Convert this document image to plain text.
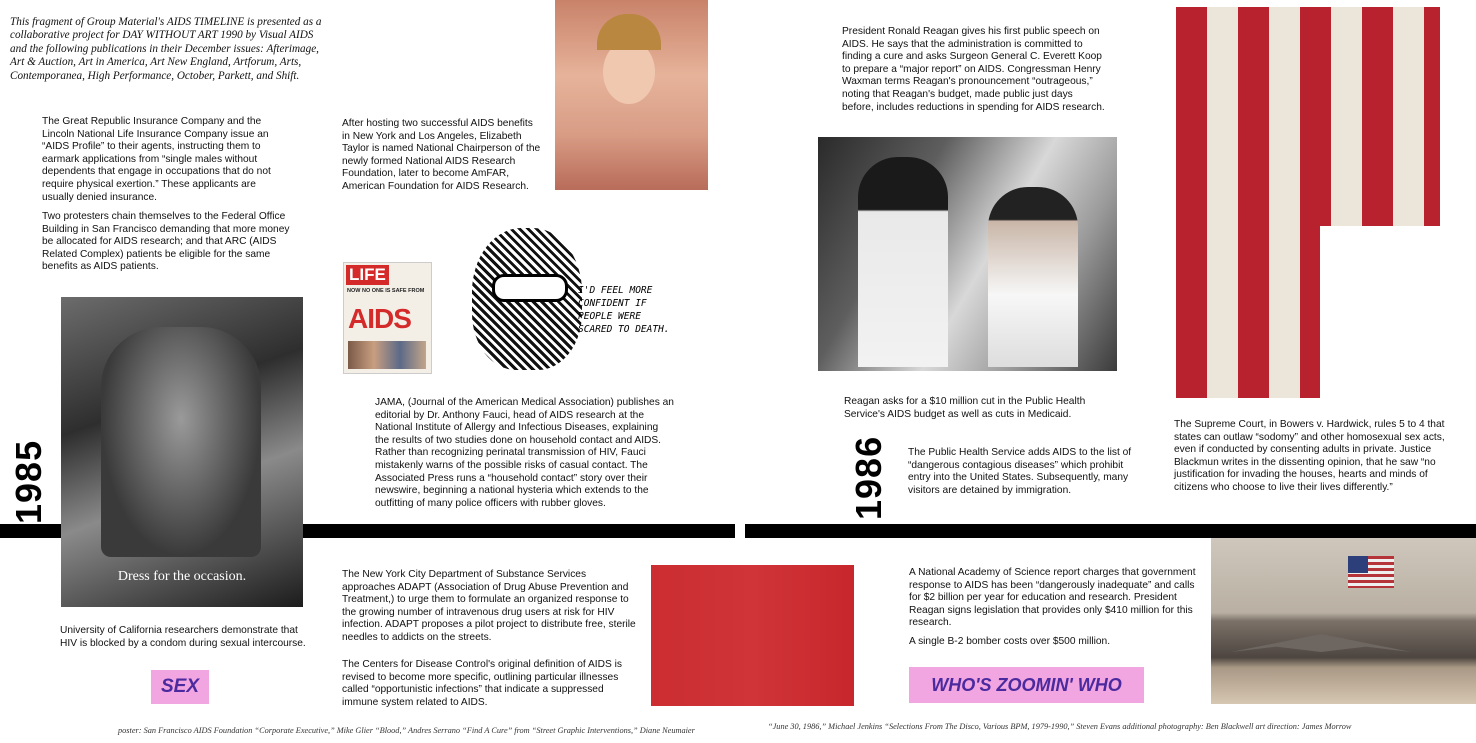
This fragment of Group Material's AIDS TIMELINE is presented as a collaborative project for DAY WITHOUT ART 1990 by Visual AIDS and the following publications in their December issues: Afterimage, Art & Auction, Art in America, Art New England, Artforum, Arts, Contemporanea, High Performance, October, Parkett, and Shift.
The Great Republic Insurance Company and the Lincoln National Life Insurance Company issue an “AIDS Profile” to their agents, instructing them to earmark applications from “single males without dependents that engage in occupations that do not require physical exertion.” These applicants are usually denied insurance.
Two protesters chain themselves to the Federal Office Building in San Francisco demanding that more money be allocated for AIDS research; and that ARC (AIDS Related Complex) patients be eligible for the same benefits as AIDS patients.
Dress for the occasion.
1985
University of California researchers demonstrate that HIV is blocked by a condom during sexual intercourse.
SEX
After hosting two successful AIDS benefits in New York and Los Angeles, Elizabeth Taylor is named National Chairperson of the newly formed National AIDS Research Foundation, later to become AmFAR, American Foundation for AIDS Research.
LIFE
NOW NO ONE IS SAFE FROM
AIDS
I'D FEEL MORE CONFIDENT IF PEOPLE WERE SCARED TO DEATH.
JAMA, (Journal of the American Medical Association) publishes an editorial by Dr. Anthony Fauci, head of AIDS research at the National Institute of Allergy and Infectious Diseases, explaining the results of two studies done on household contact and AIDS. Rather than recognizing perinatal transmission of HIV, Fauci mistakenly warns of the possible risks of casual contact. The Associated Press runs a “household contact” story over their newswire, beginning a national hysteria which extends to the outfitting of many police officers with rubber gloves.
The New York City Department of Substance Services approaches ADAPT (Association of Drug Abuse Prevention and Treatment,) to urge them to formulate an organized response to the growing number of intravenous drug users at risk for HIV infection. ADAPT proposes a pilot project to distribute free, sterile needles to addicts on the streets.
The Centers for Disease Control's original definition of AIDS is revised to become more specific, outlining particular illnesses called “opportunistic infections” that indicate a suppressed immune system related to AIDS.
poster: San Francisco AIDS Foundation “Corporate Executive,” Mike Glier “Blood,” Andres Serrano “Find A Cure” from “Street Graphic Interventions,” Diane Neumaier
President Ronald Reagan gives his first public speech on AIDS. He says that the administration is committed to finding a cure and asks Surgeon General C. Everett Koop to prepare a “major report” on AIDS. Congressman Henry Waxman terms Reagan's pronouncement “outrageous,” noting that Reagan's budget, made public just days before, includes reductions in spending for AIDS research.
Reagan asks for a $10 million cut in the Public Health Service's AIDS budget as well as cuts in Medicaid.
1986 The Public Health Service adds AIDS to the list of “dangerous contagious diseases” which prohibit entry into the United States. Subsequently, many visitors are detained by immigration.
The Supreme Court, in Bowers v. Hardwick, rules 5 to 4 that states can outlaw “sodomy” and other homosexual sex acts, even if conducted by consenting adults in private. Justice Blackmun writes in the dissenting opinion, that he saw “no justification for invading the houses, hearts and minds of citizens who choose to live their lives differently.”
A National Academy of Science report charges that government response to AIDS has been “dangerously inadequate” and calls for $2 billion per year for education and research. President Reagan signs legislation that provides only $410 million for this research.
A single B-2 bomber costs over $500 million.
WHO'S ZOOMIN' WHO
“June 30, 1986,” Michael Jenkins “Selections From The Disco, Various BPM, 1979-1990,” Steven Evans additional photography: Ben Blackwell art direction: James Morrow
